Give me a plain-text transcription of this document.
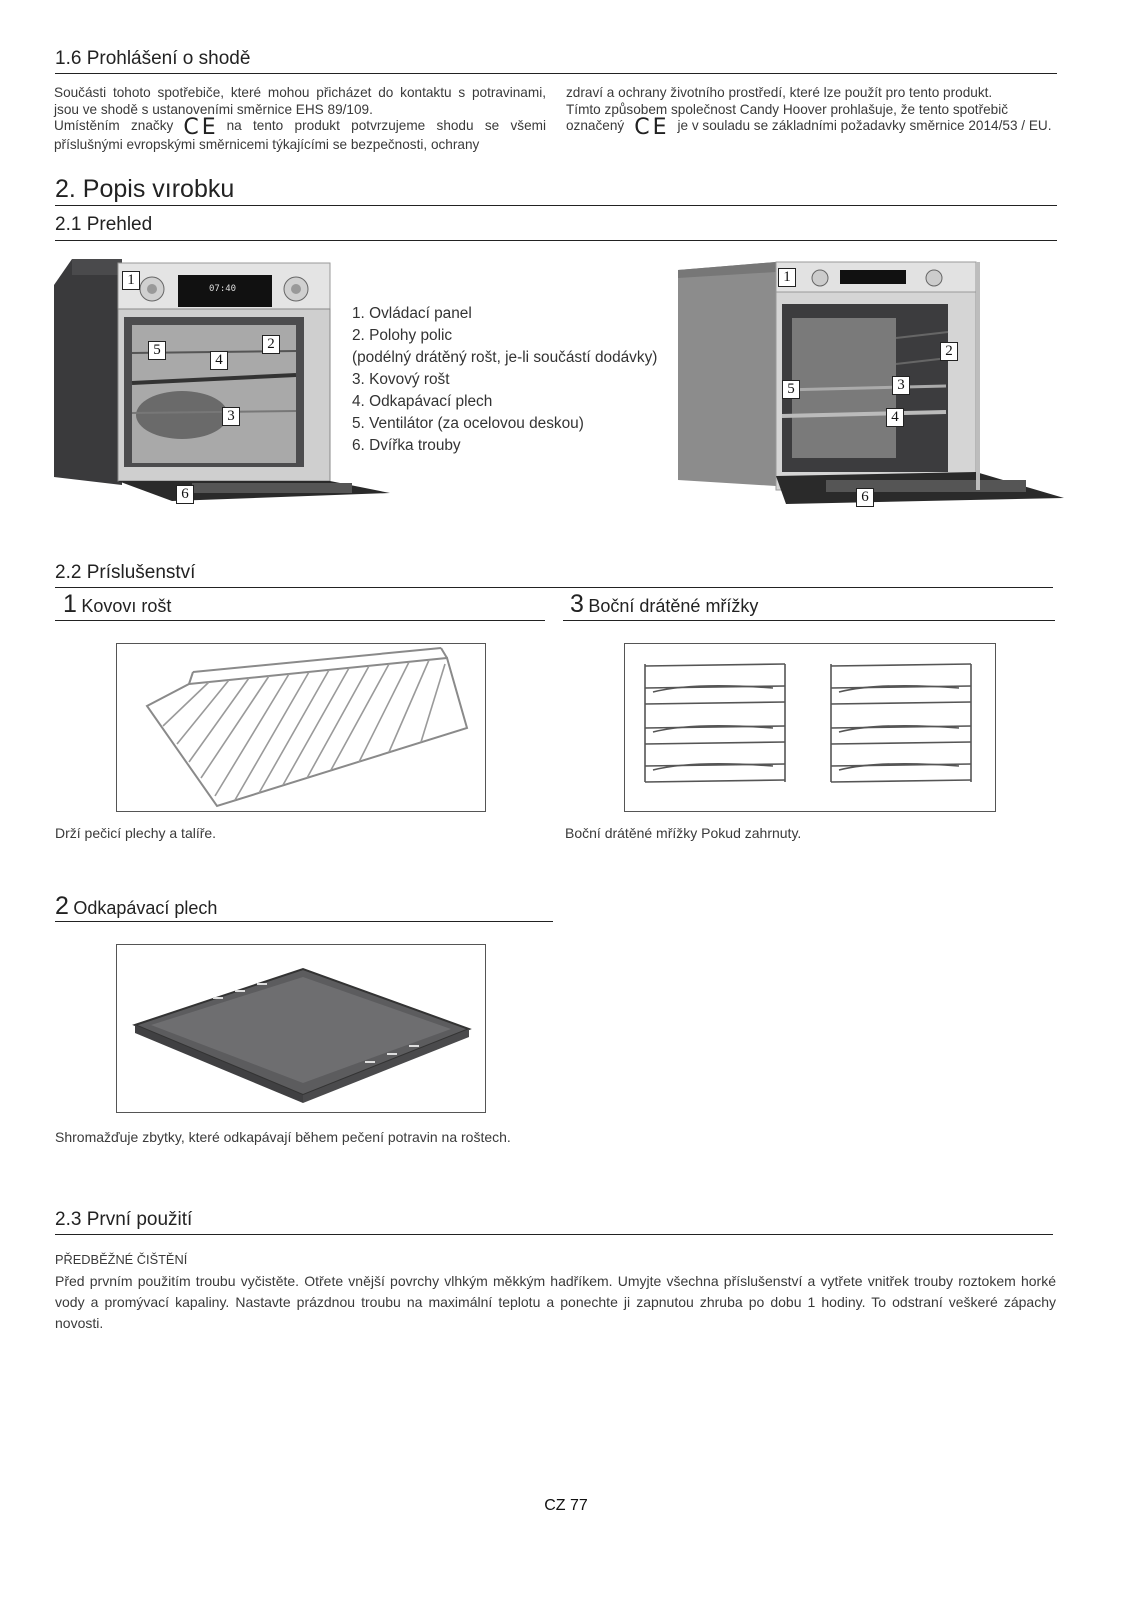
1.6 Prohlášení o shodě
Součásti tohoto spotřebiče, které mohou přicházet do kontaktu s potravinami, jsou ve shodě s ustanoveními směrnice EHS 89/109.
Umístěním značky CE na tento produkt potvrzujeme shodu se všemi příslušnými evropskými směrnicemi týkajícími se bezpečnosti, ochrany
zdraví a ochrany životního prostředí, které lze použít pro tento produkt.
Tímto způsobem společnost Candy Hoover prohlašuje, že tento spotřebič
označený CE je v souladu se základními požadavky směrnice 2014/53 / EU.
2. Popis vırobku
2.1 Prehled
07:40
1
2
3
4
5
6
1. Ovládací panel
2. Polohy polic
(podélný drátěný rošt, je-li součástí dodávky)
3. Kovový rošt
4. Odkapávací plech
5. Ventilátor (za ocelovou deskou)
6. Dvířka trouby
1
2
3
4
5
6
2.2 Príslušenství
1 Kovovı rošt
Drží pečicí plechy a talíře.
3 Boční drátěné mřížky
Boční drátěné mřížky Pokud zahrnuty.
2 Odkapávací plech
Shromažďuje zbytky, které odkapávají během pečení potravin na roštech.
2.3 První použití
PŘEDBĚŽNÉ ČIŠTĚNÍ
Před prvním použitím troubu vyčistěte. Otřete vnější povrchy vlhkým měkkým hadříkem. Umyjte všechna příslušenství a vytřete vnitřek trouby roztokem horké vody a promývací kapaliny. Nastavte prázdnou troubu na maximální teplotu a ponechte ji zapnutou zhruba po dobu 1 hodiny. To odstraní veškeré zápachy novosti.
CZ 77
